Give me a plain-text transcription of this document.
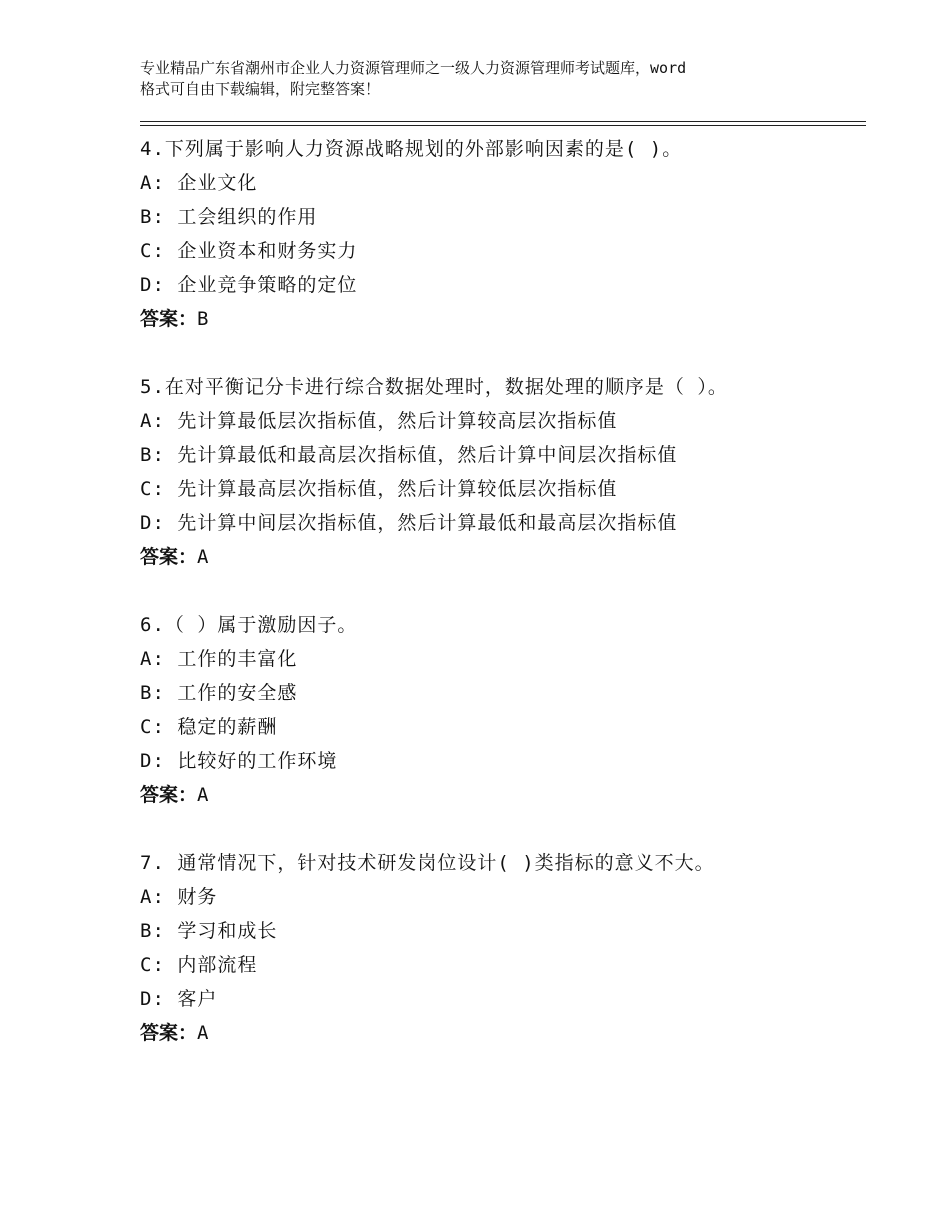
专业精品广东省潮州市企业人力资源管理师之一级人力资源管理师考试题库，word
格式可自由下载编辑，附完整答案！
4.下列属于影响人力资源战略规划的外部影响因素的是( )。
A: 企业文化
B: 工会组织的作用
C: 企业资本和财务实力
D: 企业竞争策略的定位
答案：B
5.在对平衡记分卡进行综合数据处理时，数据处理的顺序是（ ）。
A: 先计算最低层次指标值，然后计算较高层次指标值
B: 先计算最低和最高层次指标值，然后计算中间层次指标值
C: 先计算最高层次指标值，然后计算较低层次指标值
D: 先计算中间层次指标值，然后计算最低和最高层次指标值
答案：A
6.（ ）属于激励因子。
A: 工作的丰富化
B: 工作的安全感
C: 稳定的薪酬
D: 比较好的工作环境
答案：A
7. 通常情况下，针对技术研发岗位设计( )类指标的意义不大。
A: 财务
B: 学习和成长
C: 内部流程
D: 客户
答案：A
